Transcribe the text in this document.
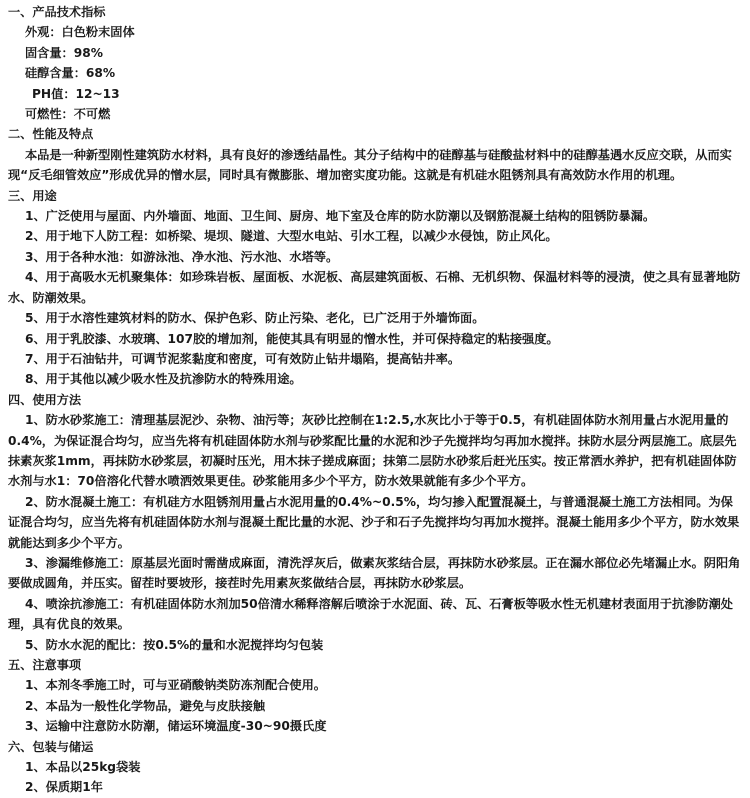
一、产品技术指标

外观：白色粉末固体

固含量：98%

硅醇含量：68%

PH值：12~13

可燃性：不可燃

二、性能及特点

本品是一种新型刚性建筑防水材料，具有良好的渗透结晶性。其分子结构中的硅醇基与硅酸盐材料中的硅醇基遇水反应交联，从而实现“反毛细管效应”形成优异的憎水层，同时具有微膨胀、增加密实度功能。这就是有机硅水阻锈剂具有高效防水作用的机理。

三、用途

1、广泛使用与屋面、内外墙面、地面、卫生间、厨房、地下室及仓库的防水防潮以及钢筋混凝土结构的阻锈防暴漏。

2、用于地下人防工程：如桥梁、堤坝、隧道、大型水电站、引水工程，以减少水侵蚀，防止风化。

3、用于各种水池：如游泳池、净水池、污水池、水塔等。

4、用于高吸水无机聚集体：如珍珠岩板、屋面板、水泥板、高层建筑面板、石棉、无机织物、保温材料等的浸渍，使之具有显著地防水、防潮效果。

5、用于水溶性建筑材料的防水、保护色彩、防止污染、老化，已广泛用于外墙饰面。

6、用于乳胶漆、水玻璃、107胶的增加剂，能使其具有明显的憎水性，并可保持稳定的粘接强度。

7、用于石油钻井，可调节泥浆黏度和密度，可有效防止钻井塌陷，提高钻井率。

8、用于其他以减少吸水性及抗渗防水的特殊用途。

四、使用方法

1、防水砂浆施工：清理基层泥沙、杂物、油污等；灰砂比控制在1:2.5,水灰比小于等于0.5，有机硅固体防水剂用量占水泥用量的0.4%，为保证混合均匀，应当先将有机硅固体防水剂与砂浆配比量的水泥和沙子先搅拌均匀再加水搅拌。抹防水层分两层施工。底层先抹素灰浆1mm，再抹防水砂浆层，初凝时压光，用木抹子搓成麻面；抹第二层防水砂浆后赶光压实。按正常洒水养护，把有机硅固体防水剂与水1：70倍溶化代替水喷洒效果更佳。砂浆能用多少个平方，防水效果就能有多少个平方。

2、防水混凝土施工：有机硅方水阻锈剂用量占水泥用量的0.4%~0.5%，均匀掺入配置混凝土，与普通混凝土施工方法相同。为保证混合均匀，应当先将有机硅固体防水剂与混凝土配比量的水泥、沙子和石子先搅拌均匀再加水搅拌。混凝土能用多少个平方，防水效果就能达到多少个平方。

3、渗漏维修施工：原基层光面时需凿成麻面，清洗浮灰后，做素灰浆结合层，再抹防水砂浆层。正在漏水部位必先堵漏止水。阴阳角要做成圆角，并压实。留茬时要坡形，接茬时先用素灰浆做结合层，再抹防水砂浆层。

4、喷涂抗渗施工：有机硅固体防水剂加50倍清水稀释溶解后喷涂于水泥面、砖、瓦、石膏板等吸水性无机建材表面用于抗渗防潮处理，具有优良的效果。

5、防水水泥的配比：按0.5%的量和水泥搅拌均匀包装

五、注意事项

1、本剂冬季施工时，可与亚硝酸钠类防冻剂配合使用。

2、本品为一般性化学物品，避免与皮肤接触

3、运输中注意防水防潮，储运环境温度-30~90摄氏度

六、包装与储运

1、本品以25kg袋装

2、保质期1年
